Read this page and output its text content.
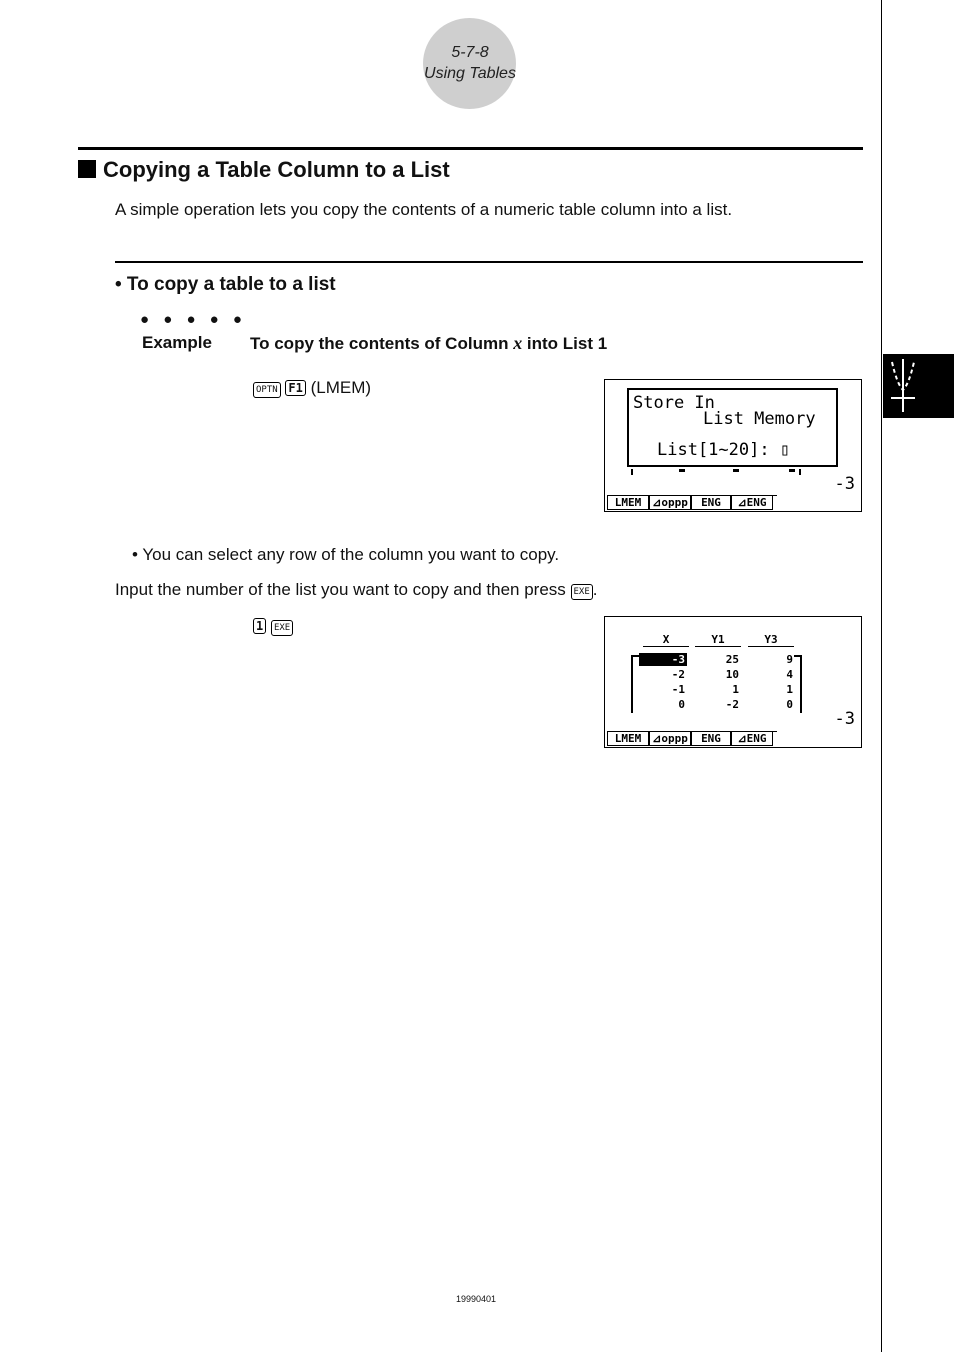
5-7-8
Using Tables
Copying a Table Column to a List
A simple operation lets you copy the contents of a numeric table column into a list.
• To copy a table to a list
● ● ● ● ●
Example To copy the contents of Column x into List 1
OPTN F1 (LMEM)
Store In
List Memory
List[1~20]: ▯
-3
LMEM ⊿oppp	ENG	⊿ENG
• You can select any row of the column you want to copy.
Input the number of the list you want to copy and then press EXE .
1 EXE
X	Y1	Y3
-3	25	9
-2	10	4
-1	1	1
0	-2	0
-3
LMEM ⊿oppp	ENG	⊿ENG
19990401
